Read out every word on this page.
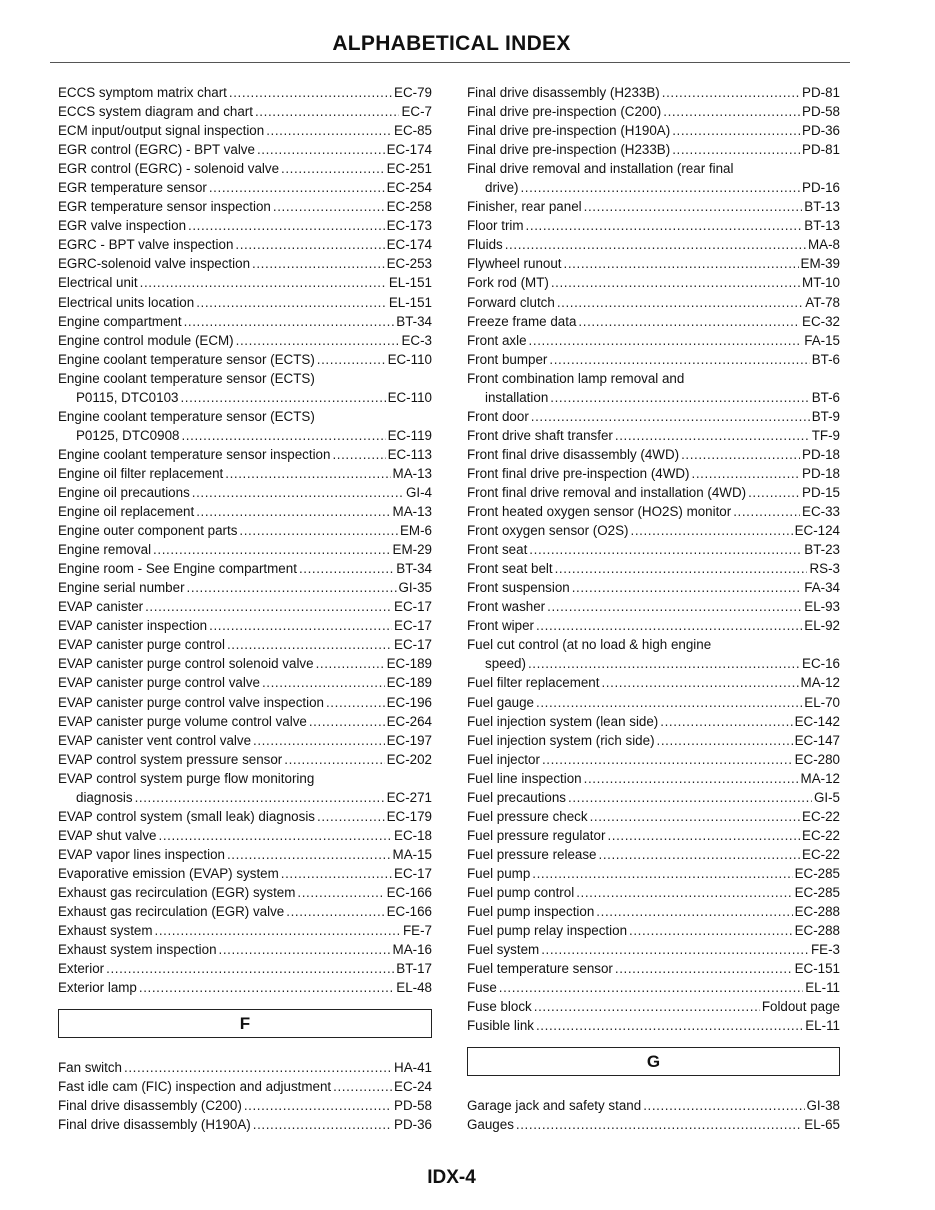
ALPHABETICAL INDEX
ECCS symptom matrix chart .....	EC-79
ECCS system diagram and chart .....	EC-7
ECM input/output signal inspection .....	EC-85
EGR control (EGRC) - BPT valve .....	EC-174
EGR control (EGRC) - solenoid valve .....	EC-251
EGR temperature sensor .....	EC-254
EGR temperature sensor inspection .....	EC-258
EGR valve inspection .....	EC-173
EGRC - BPT valve inspection .....	EC-174
EGRC-solenoid valve inspection .....	EC-253
Electrical unit .....	EL-151
Electrical units location .....	EL-151
Engine compartment .....	BT-34
Engine control module (ECM) .....	EC-3
Engine coolant temperature sensor (ECTS) .....	EC-110
Engine coolant temperature sensor (ECTS)
P0115, DTC0103 .....	EC-110
Engine coolant temperature sensor (ECTS)
P0125, DTC0908 .....	EC-119
Engine coolant temperature sensor inspection .....	EC-113
Engine oil filter replacement .....	MA-13
Engine oil precautions .....	GI-4
Engine oil replacement .....	MA-13
Engine outer component parts .....	EM-6
Engine removal .....	EM-29
Engine room - See Engine compartment .....	BT-34
Engine serial number .....	GI-35
EVAP canister .....	EC-17
EVAP canister inspection .....	EC-17
EVAP canister purge control .....	EC-17
EVAP canister purge control solenoid valve .....	EC-189
EVAP canister purge control valve .....	EC-189
EVAP canister purge control valve inspection .....	EC-196
EVAP canister purge volume control valve .....	EC-264
EVAP canister vent control valve .....	EC-197
EVAP control system pressure sensor .....	EC-202
EVAP control system purge flow monitoring
diagnosis .....	EC-271
EVAP control system (small leak) diagnosis .....	EC-179
EVAP shut valve .....	EC-18
EVAP vapor lines inspection .....	MA-15
Evaporative emission (EVAP) system .....	EC-17
Exhaust gas recirculation (EGR) system .....	EC-166
Exhaust gas recirculation (EGR) valve .....	EC-166
Exhaust system .....	FE-7
Exhaust system inspection .....	MA-16
Exterior .....	BT-17
Exterior lamp .....	EL-48
F
Fan switch .....	HA-41
Fast idle cam (FIC) inspection and adjustment .....	EC-24
Final drive disassembly (C200) .....	PD-58
Final drive disassembly (H190A) .....	PD-36
Final drive disassembly (H233B) .....	PD-81
Final drive pre-inspection (C200) .....	PD-58
Final drive pre-inspection (H190A) .....	PD-36
Final drive pre-inspection (H233B) .....	PD-81
Final drive removal and installation (rear final
drive) .....	PD-16
Finisher, rear panel .....	BT-13
Floor trim .....	BT-13
Fluids .....	MA-8
Flywheel runout .....	EM-39
Fork rod (MT) .....	MT-10
Forward clutch .....	AT-78
Freeze frame data .....	EC-32
Front axle .....	FA-15
Front bumper .....	BT-6
Front combination lamp removal and
installation .....	BT-6
Front door .....	BT-9
Front drive shaft transfer .....	TF-9
Front final drive disassembly (4WD) .....	PD-18
Front final drive pre-inspection (4WD) .....	PD-18
Front final drive removal and installation (4WD) .....	PD-15
Front heated oxygen sensor (HO2S) monitor .....	EC-33
Front oxygen sensor (O2S) .....	EC-124
Front seat .....	BT-23
Front seat belt .....	RS-3
Front suspension .....	FA-34
Front washer .....	EL-93
Front wiper .....	EL-92
Fuel cut control (at no load & high engine
speed) .....	EC-16
Fuel filter replacement .....	MA-12
Fuel gauge .....	EL-70
Fuel injection system (lean side) .....	EC-142
Fuel injection system (rich side) .....	EC-147
Fuel injector .....	EC-280
Fuel line inspection .....	MA-12
Fuel precautions .....	GI-5
Fuel pressure check .....	EC-22
Fuel pressure regulator .....	EC-22
Fuel pressure release .....	EC-22
Fuel pump .....	EC-285
Fuel pump control .....	EC-285
Fuel pump inspection .....	EC-288
Fuel pump relay inspection .....	EC-288
Fuel system .....	FE-3
Fuel temperature sensor .....	EC-151
Fuse .....	EL-11
Fuse block .....	Foldout page
Fusible link .....	EL-11
G
Garage jack and safety stand .....	GI-38
Gauges .....	EL-65
IDX-4
